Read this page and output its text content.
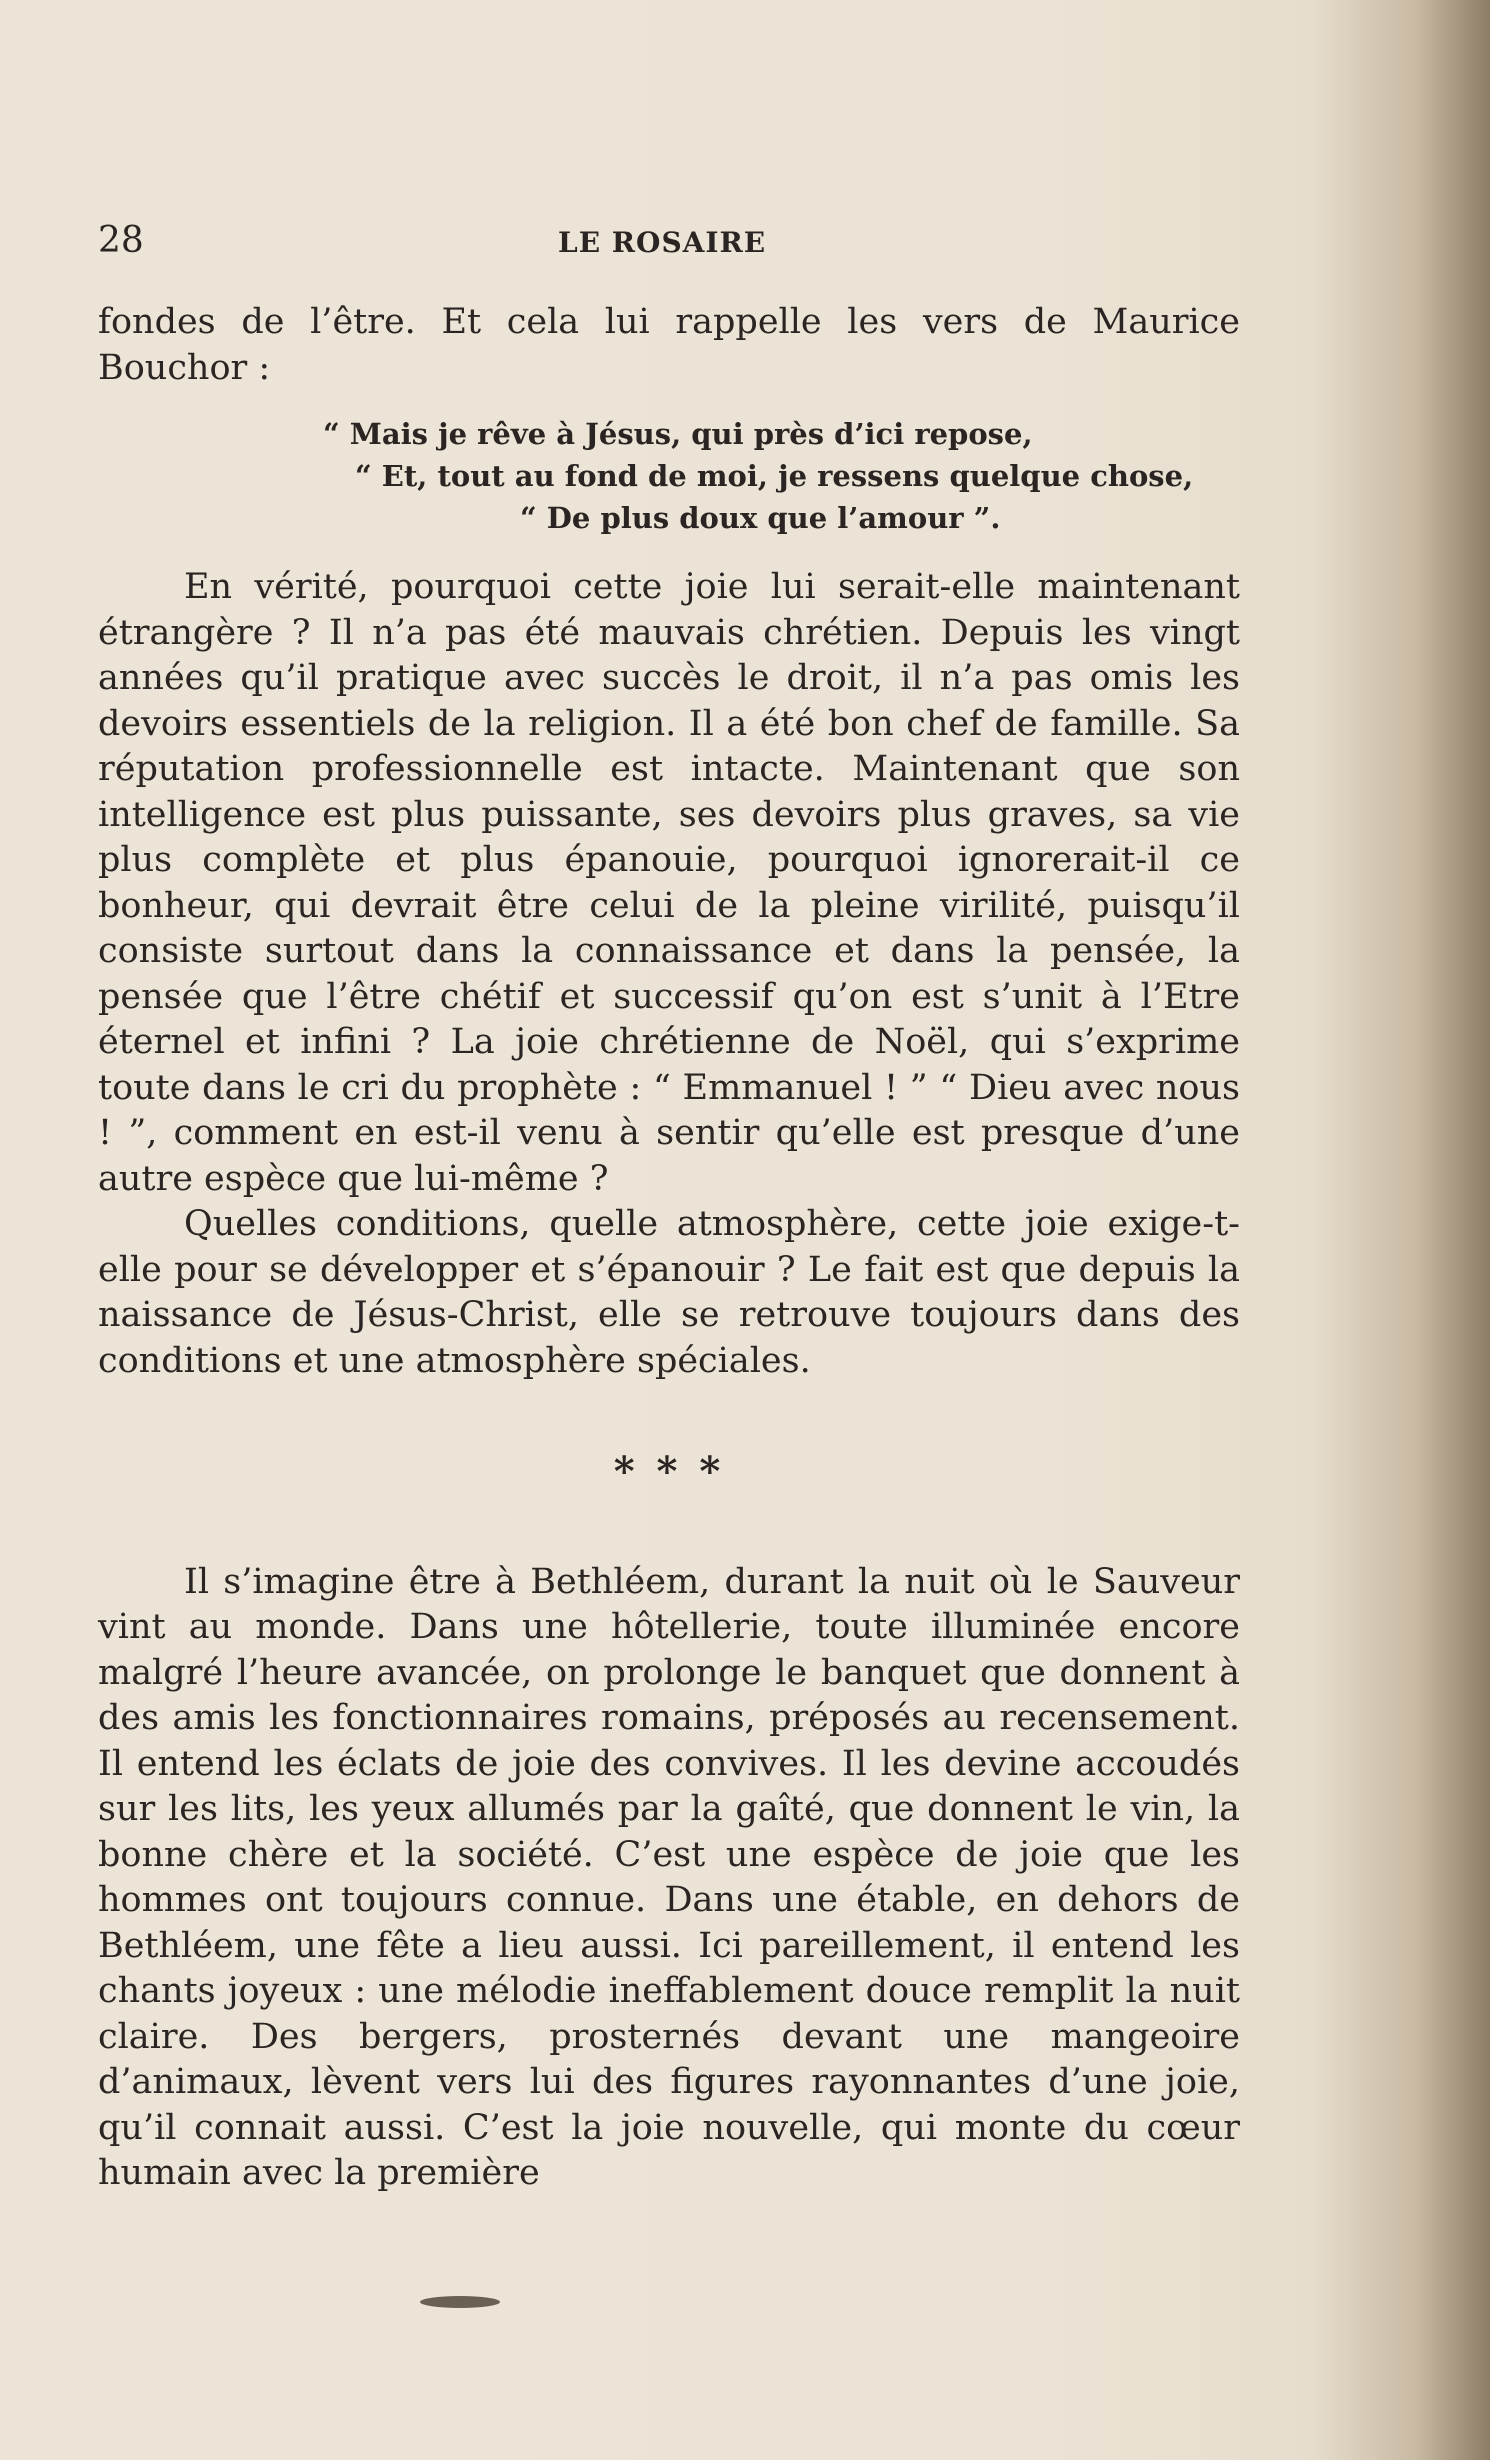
28	LE ROSAIRE

fondes de l’être. Et cela lui rappelle les vers de Maurice Bouchor :

“ Mais je rêve à Jésus, qui près d’ici repose,
“ Et, tout au fond de moi, je ressens quelque chose,
“ De plus doux que l’amour ”.

En vérité, pourquoi cette joie lui serait-elle maintenant étrangère ? Il n’a pas été mauvais chrétien. Depuis les vingt années qu’il pratique avec succès le droit, il n’a pas omis les devoirs essentiels de la religion. Il a été bon chef de famille. Sa réputation professionnelle est intacte. Maintenant que son intelligence est plus puissante, ses devoirs plus graves, sa vie plus complète et plus épanouie, pourquoi ignorerait-il ce bonheur, qui devrait être celui de la pleine virilité, puisqu’il consiste surtout dans la connaissance et dans la pensée, la pensée que l’être chétif et successif qu’on est s’unit à l’Etre éternel et infini ? La joie chrétienne de Noël, qui s’exprime toute dans le cri du prophète : “ Emmanuel ! ” “ Dieu avec nous ! ”, comment en est-il venu à sentir qu’elle est presque d’une autre espèce que lui-même ?

Quelles conditions, quelle atmosphère, cette joie exige-t-elle pour se développer et s’épanouir ? Le fait est que depuis la naissance de Jésus-Christ, elle se retrouve toujours dans des conditions et une atmosphère spéciales.

* * *

Il s’imagine être à Bethléem, durant la nuit où le Sauveur vint au monde. Dans une hôtellerie, toute illuminée encore malgré l’heure avancée, on prolonge le banquet que donnent à des amis les fonctionnaires romains, préposés au recensement. Il entend les éclats de joie des convives. Il les devine accoudés sur les lits, les yeux allumés par la gaîté, que donnent le vin, la bonne chère et la société. C’est une espèce de joie que les hommes ont toujours connue. Dans une étable, en dehors de Bethléem, une fête a lieu aussi. Ici pareillement, il entend les chants joyeux : une mélodie ineffablement douce remplit la nuit claire. Des bergers, prosternés devant une mangeoire d’animaux, lèvent vers lui des figures rayonnantes d’une joie, qu’il connait aussi. C’est la joie nouvelle, qui monte du cœur humain avec la première
